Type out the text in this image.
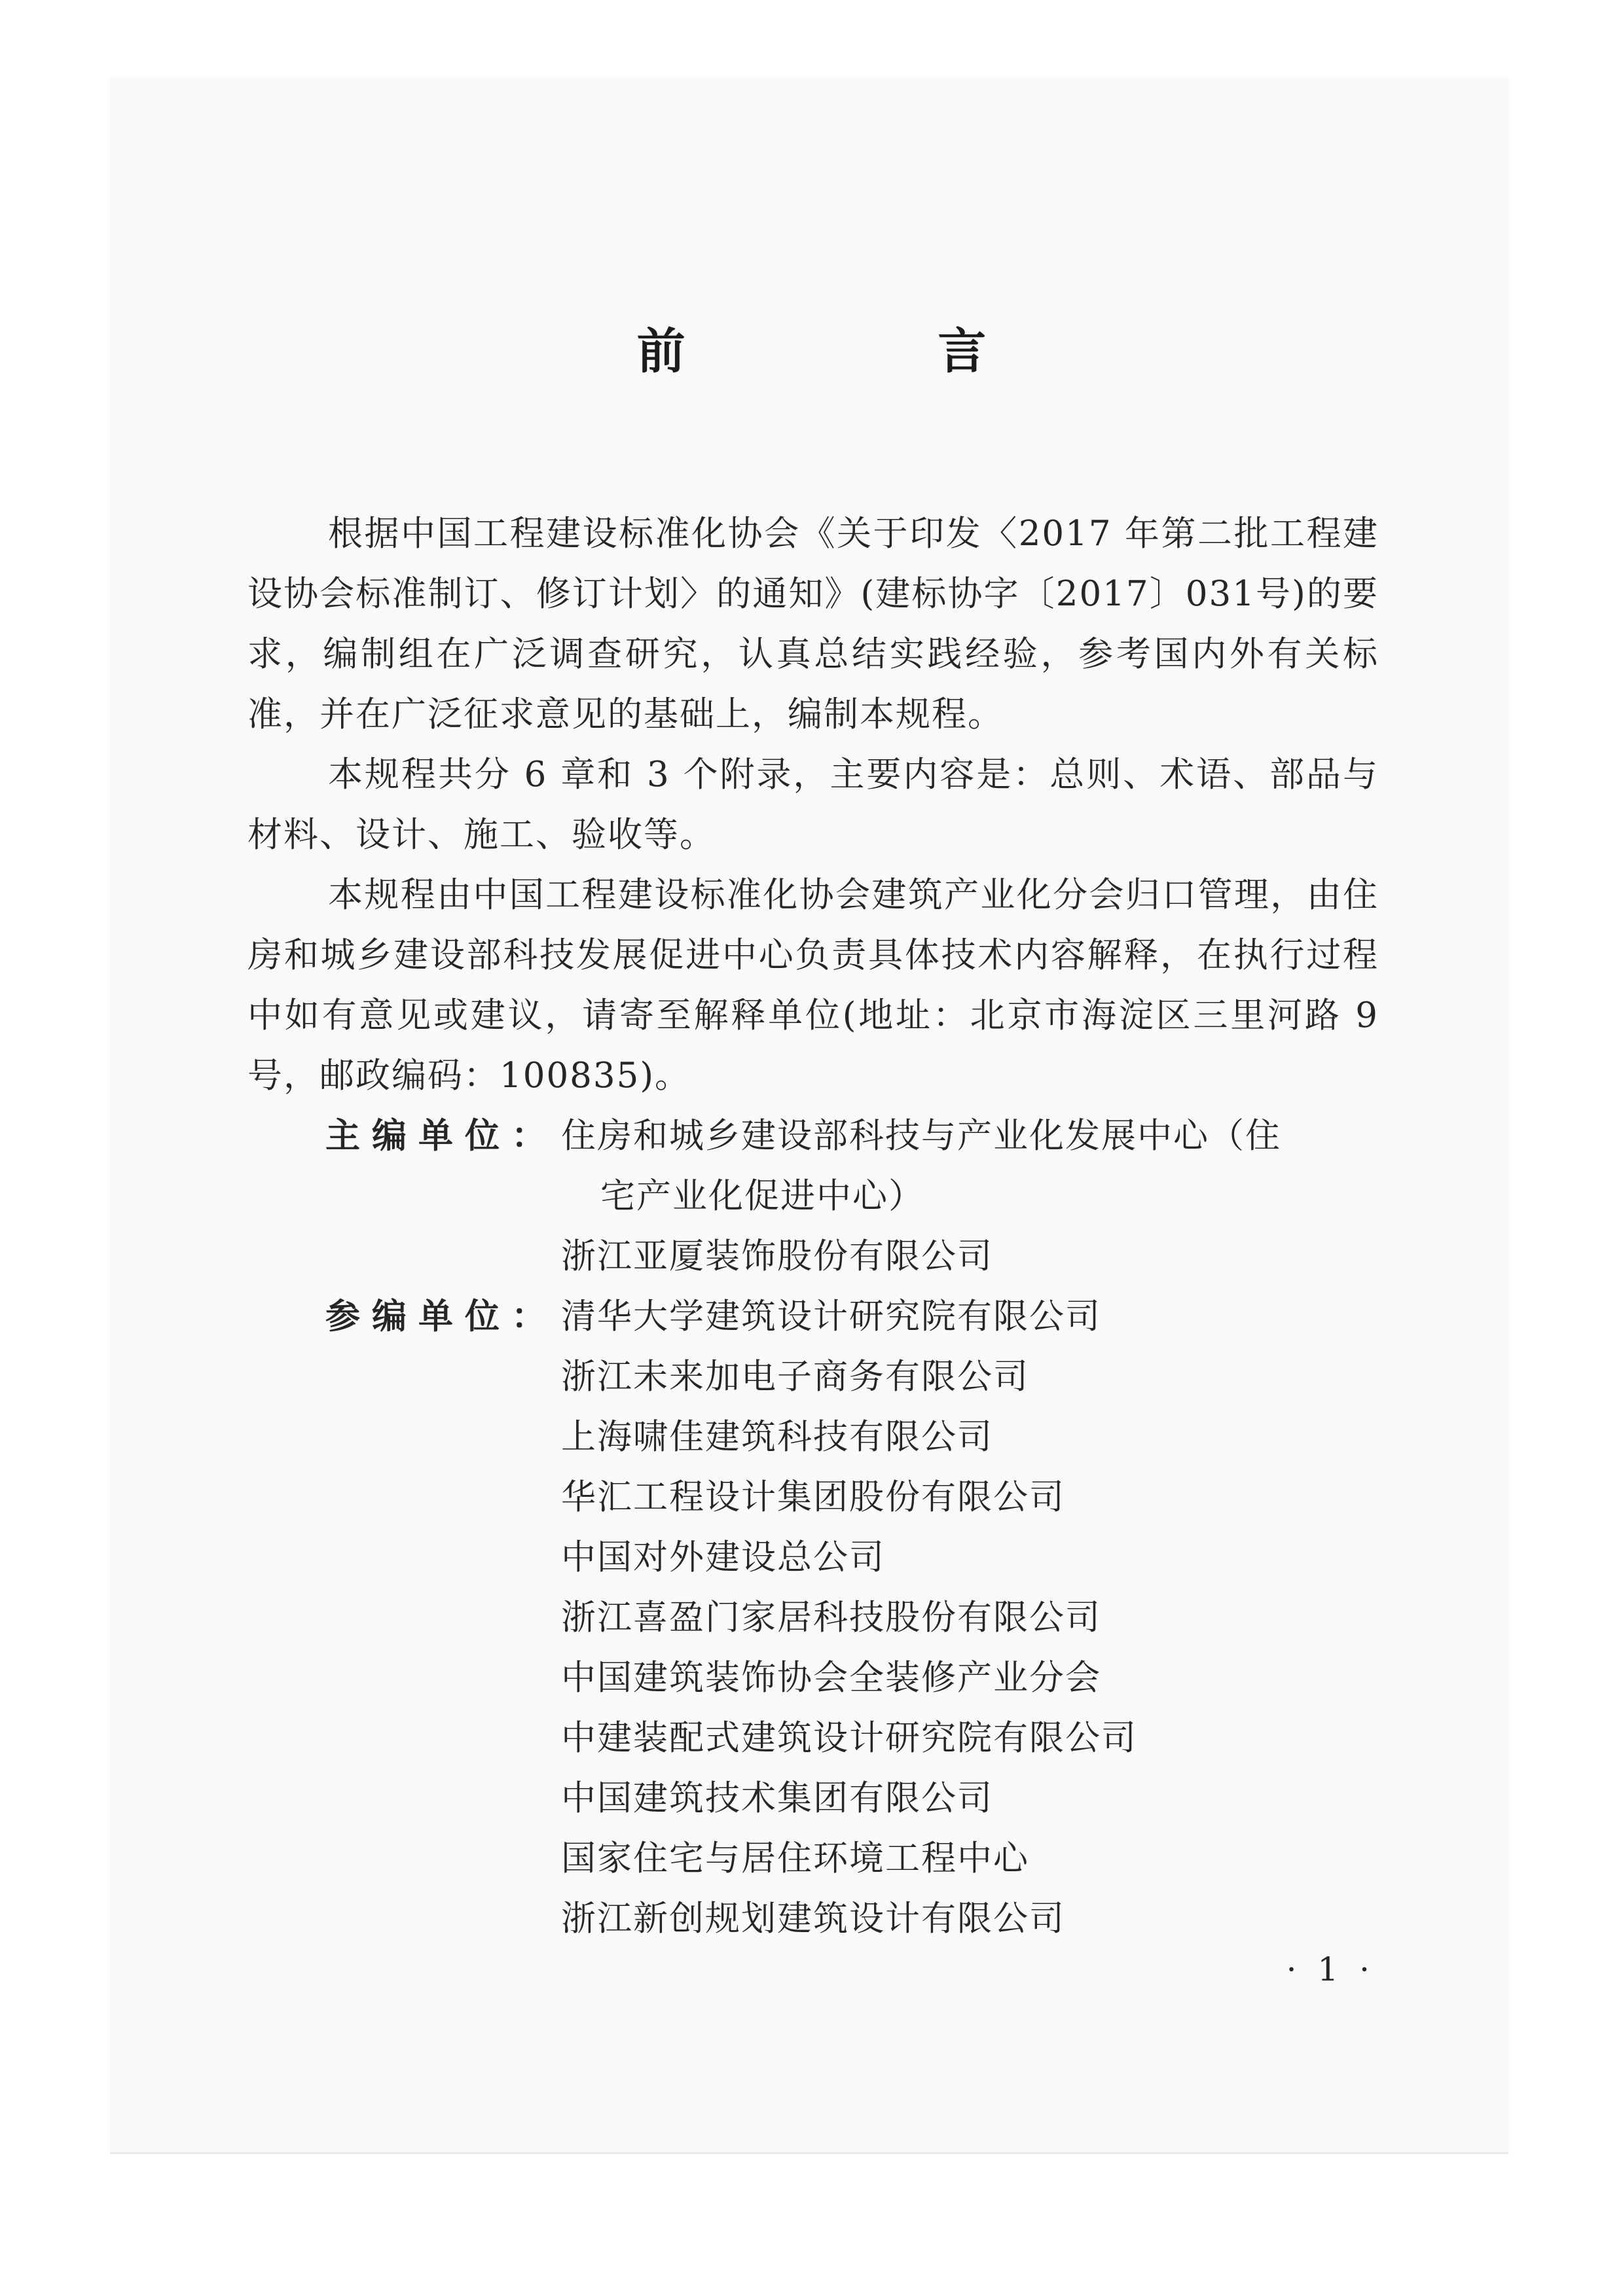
前 言

根据中国工程建设标准化协会《关于印发〈2017 年第二批工程建设协会标准制订、修订计划〉的通知》(建标协字〔2017〕031号)的要求，编制组在广泛调查研究，认真总结实践经验，参考国内外有关标准，并在广泛征求意见的基础上，编制本规程。

本规程共分 6 章和 3 个附录，主要内容是：总则、术语、部品与材料、设计、施工、验收等。

本规程由中国工程建设标准化协会建筑产业化分会归口管理，由住房和城乡建设部科技发展促进中心负责具体技术内容解释，在执行过程中如有意见或建议，请寄至解释单位(地址：北京市海淀区三里河路 9 号，邮政编码：100835)。

主编单位： 住房和城乡建设部科技与产业化发展中心（住

宅产业化促进中心）

浙江亚厦装饰股份有限公司

参编单位： 清华大学建筑设计研究院有限公司

浙江未来加电子商务有限公司

上海啸佳建筑科技有限公司

华汇工程设计集团股份有限公司

中国对外建设总公司

浙江喜盈门家居科技股份有限公司

中国建筑装饰协会全装修产业分会

中建装配式建筑设计研究院有限公司

中国建筑技术集团有限公司

国家住宅与居住环境工程中心

浙江新创规划建筑设计有限公司

· 1 ·
